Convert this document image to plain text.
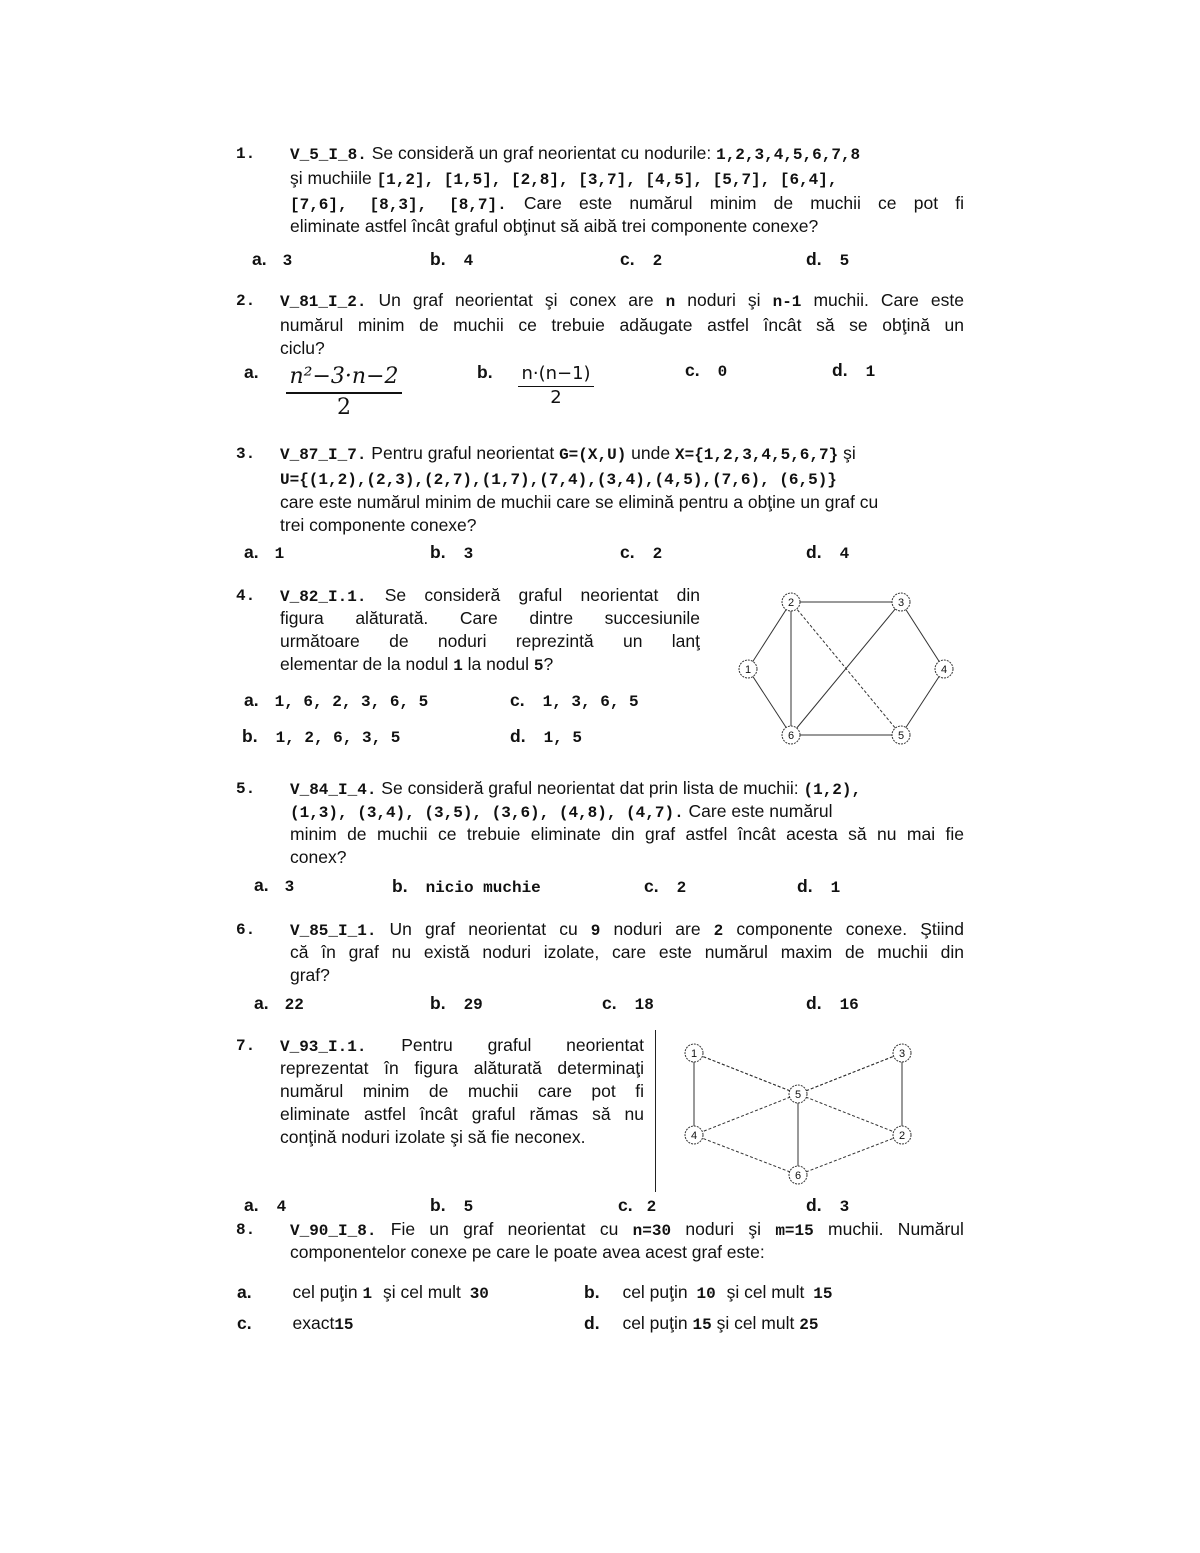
1. V_5_I_8. Se consideră un graf neorientat cu nodurile: 1,2,3,4,5,6,7,8
şi muchiile [1,2], [1,5], [2,8], [3,7], [4,5], [5,7], [6,4],
[7,6], [8,3], [8,7]. Care este numărul minim de muchii ce pot fi
eliminate astfel încât graful obţinut să aibă trei componente conexe?
a. 3	b. 4	c. 2	d. 5
2. V_81_I_2. Un graf neorientat şi conex are n noduri şi n-1 muchii. Care este
numărul minim de muchii ce trebuie adăugate astfel încât să se obţină un
ciclu?
a. n²−3·n−2
2
b. n·(n−1)
2
c. 0	d. 1
3. V_87_I_7. Pentru graful neorientat G=(X,U) unde X={1,2,3,4,5,6,7} şi
U={(1,2),(2,3),(2,7),(1,7),(7,4),(3,4),(4,5),(7,6), (6,5)}
care este numărul minim de muchii care se elimină pentru a obţine un graf cu
trei componente conexe?
a. 1	b. 3	c. 2	d. 4
4. V_82_I.1. Se consideră graful neorientat din
figura alăturată. Care dintre succesiunile
următoare de noduri reprezintă un lanţ
elementar de la nodul 1 la nodul 5?
a. 1, 6, 2, 3, 6, 5	c. 1, 3, 6, 5
b. 1, 2, 6, 3, 5	d. 1, 5
1
2	3
4
5
6
5. V_84_I_4. Se consideră graful neorientat dat prin lista de muchii: (1,2),
(1,3), (3,4), (3,5), (3,6), (4,8), (4,7). Care este numărul
minim de muchii ce trebuie eliminate din graf astfel încât acesta să nu mai fie
conex?
a. 3	b. nicio muchie	c. 2	d. 1
6. V_85_I_1. Un graf neorientat cu 9 noduri are 2 componente conexe. Ştiind
că în graf nu există noduri izolate, care este numărul maxim de muchii din
graf?
a. 22	b. 29	c. 18	d. 16
7. V_93_I.1. Pentru graful neorientat
reprezentat în figura alăturată determinaţi
numărul minim de muchii care pot fi
eliminate astfel încât graful rămas să nu
conţină noduri izolate şi să fie neconex.
1	3
5
4	2
6
a. 4	b. 5	c. 2	d. 3
8. V_90_I_8. Fie un graf neorientat cu n=30 noduri şi m=15 muchii. Numărul
componentelor conexe pe care le poate avea acest graf este:
a. cel puţin 1 şi cel mult 30	b. cel puţin 10 şi cel mult 15
c. exact15	d. cel puţin 15 şi cel mult 25
